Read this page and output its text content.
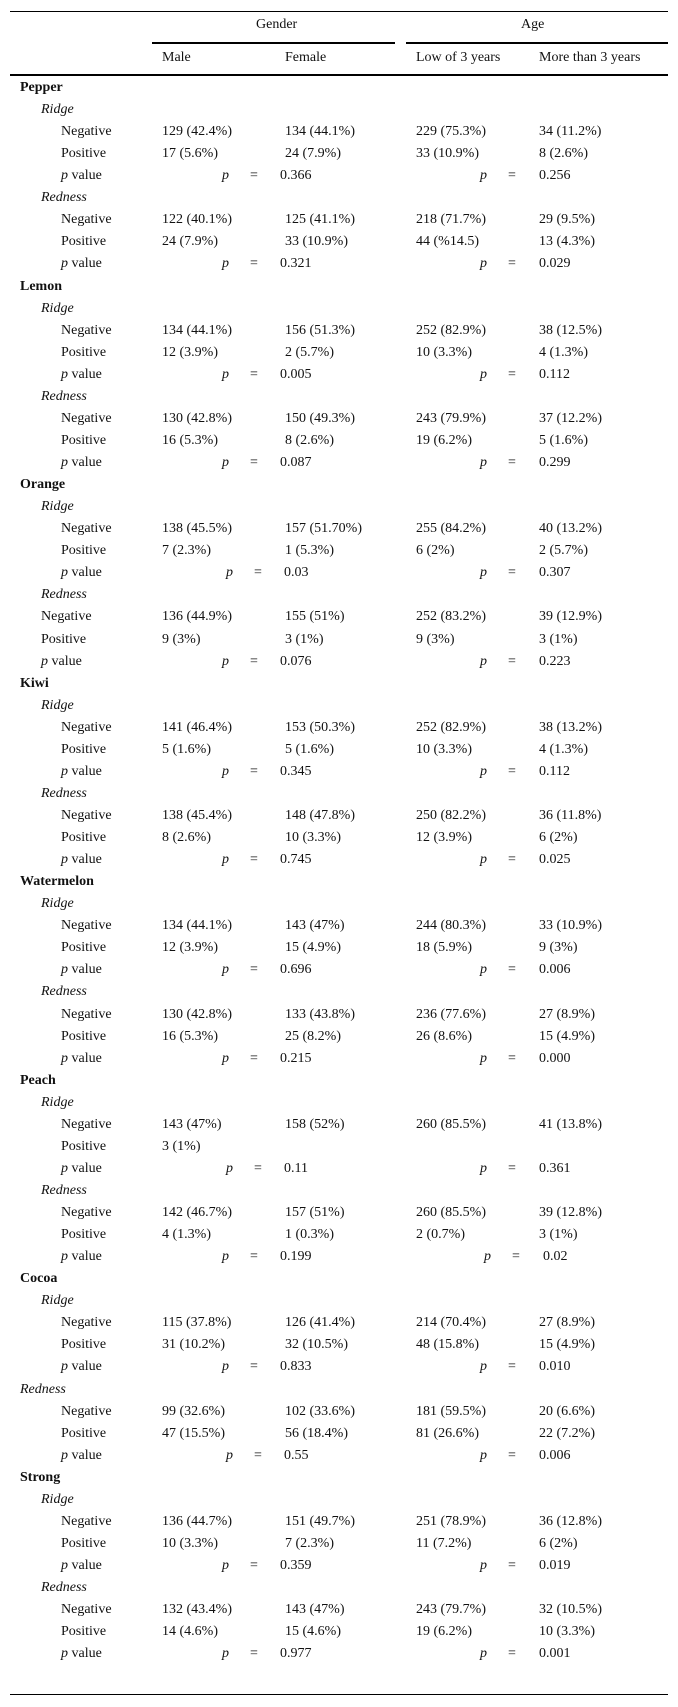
Gender	Age
Male	Female	Low of 3 years	More than 3 years
Pepper
Ridge
Negative	129 (42.4%)	134 (44.1%)	229 (75.3%)	34 (11.2%)
Positive	17 (5.6%)	24 (7.9%)	33 (10.9%)	8 (2.6%)
p value	p = 0.366	p = 0.256
Redness
Negative	122 (40.1%)	125 (41.1%)	218 (71.7%)	29 (9.5%)
Positive	24 (7.9%)	33 (10.9%)	44 (%14.5)	13 (4.3%)
p value	p = 0.321	p = 0.029
Lemon
Ridge
Negative	134 (44.1%)	156 (51.3%)	252 (82.9%)	38 (12.5%)
Positive	12 (3.9%)	2 (5.7%)	10 (3.3%)	4 (1.3%)
p value	p = 0.005	p = 0.112
Redness
Negative	130 (42.8%)	150 (49.3%)	243 (79.9%)	37 (12.2%)
Positive	16 (5.3%)	8 (2.6%)	19 (6.2%)	5 (1.6%)
p value	p = 0.087	p = 0.299
Orange
Ridge
Negative	138 (45.5%)	157 (51.70%)	255 (84.2%)	40 (13.2%)
Positive	7 (2.3%)	1 (5.3%)	6 (2%)	2 (5.7%)
p value	p = 0.03	p = 0.307
Redness
Negative	136 (44.9%)	155 (51%)	252 (83.2%)	39 (12.9%)
Positive	9 (3%)	3 (1%)	9 (3%)	3 (1%)
p value	p = 0.076	p = 0.223
Kiwi
Ridge
Negative	141 (46.4%)	153 (50.3%)	252 (82.9%)	38 (13.2%)
Positive	5 (1.6%)	5 (1.6%)	10 (3.3%)	4 (1.3%)
p value	p = 0.345	p = 0.112
Redness
Negative	138 (45.4%)	148 (47.8%)	250 (82.2%)	36 (11.8%)
Positive	8 (2.6%)	10 (3.3%)	12 (3.9%)	6 (2%)
p value	p = 0.745	p = 0.025
Watermelon
Ridge
Negative	134 (44.1%)	143 (47%)	244 (80.3%)	33 (10.9%)
Positive	12 (3.9%)	15 (4.9%)	18 (5.9%)	9 (3%)
p value	p = 0.696	p = 0.006
Redness
Negative	130 (42.8%)	133 (43.8%)	236 (77.6%)	27 (8.9%)
Positive	16 (5.3%)	25 (8.2%)	26 (8.6%)	15 (4.9%)
p value	p = 0.215	p = 0.000
Peach
Ridge
Negative	143 (47%)	158 (52%)	260 (85.5%)	41 (13.8%)
Positive	3 (1%)
p value	p = 0.11	p = 0.361
Redness
Negative	142 (46.7%)	157 (51%)	260 (85.5%)	39 (12.8%)
Positive	4 (1.3%)	1 (0.3%)	2 (0.7%)	3 (1%)
p value	p = 0.199	p = 0.02
Cocoa
Ridge
Negative	115 (37.8%)	126 (41.4%)	214 (70.4%)	27 (8.9%)
Positive	31 (10.2%)	32 (10.5%)	48 (15.8%)	15 (4.9%)
p value	p = 0.833	p = 0.010
Redness
Negative	99 (32.6%)	102 (33.6%)	181 (59.5%)	20 (6.6%)
Positive	47 (15.5%)	56 (18.4%)	81 (26.6%)	22 (7.2%)
p value	p = 0.55	p = 0.006
Strong
Ridge
Negative	136 (44.7%)	151 (49.7%)	251 (78.9%)	36 (12.8%)
Positive	10 (3.3%)	7 (2.3%)	11 (7.2%)	6 (2%)
p value	p = 0.359	p = 0.019
Redness
Negative	132 (43.4%)	143 (47%)	243 (79.7%)	32 (10.5%)
Positive	14 (4.6%)	15 (4.6%)	19 (6.2%)	10 (3.3%)
p value	p = 0.977	p = 0.001
